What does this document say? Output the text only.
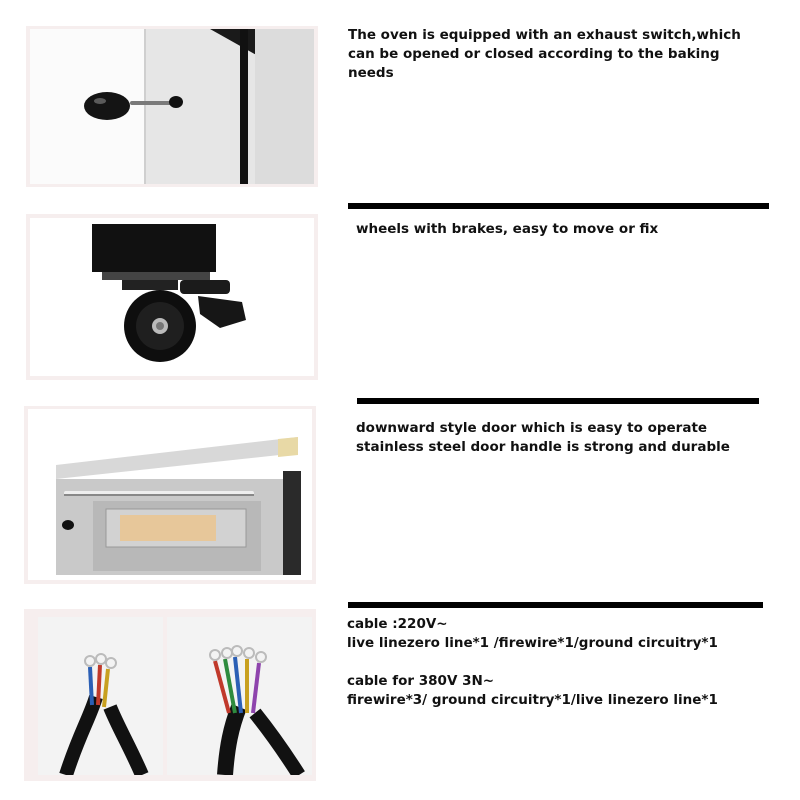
The oven is equipped with an exhaust switch,which

can be opened or closed according to the baking

needs

wheels with brakes, easy to move or fix

downward style door which is easy to operate

stainless steel door handle is strong and durable

cable :220V~

live linezero line*1 /firewire*1/ground circuitry*1

cable for 380V 3N~

firewire*3/ ground circuitry*1/live linezero line*1
